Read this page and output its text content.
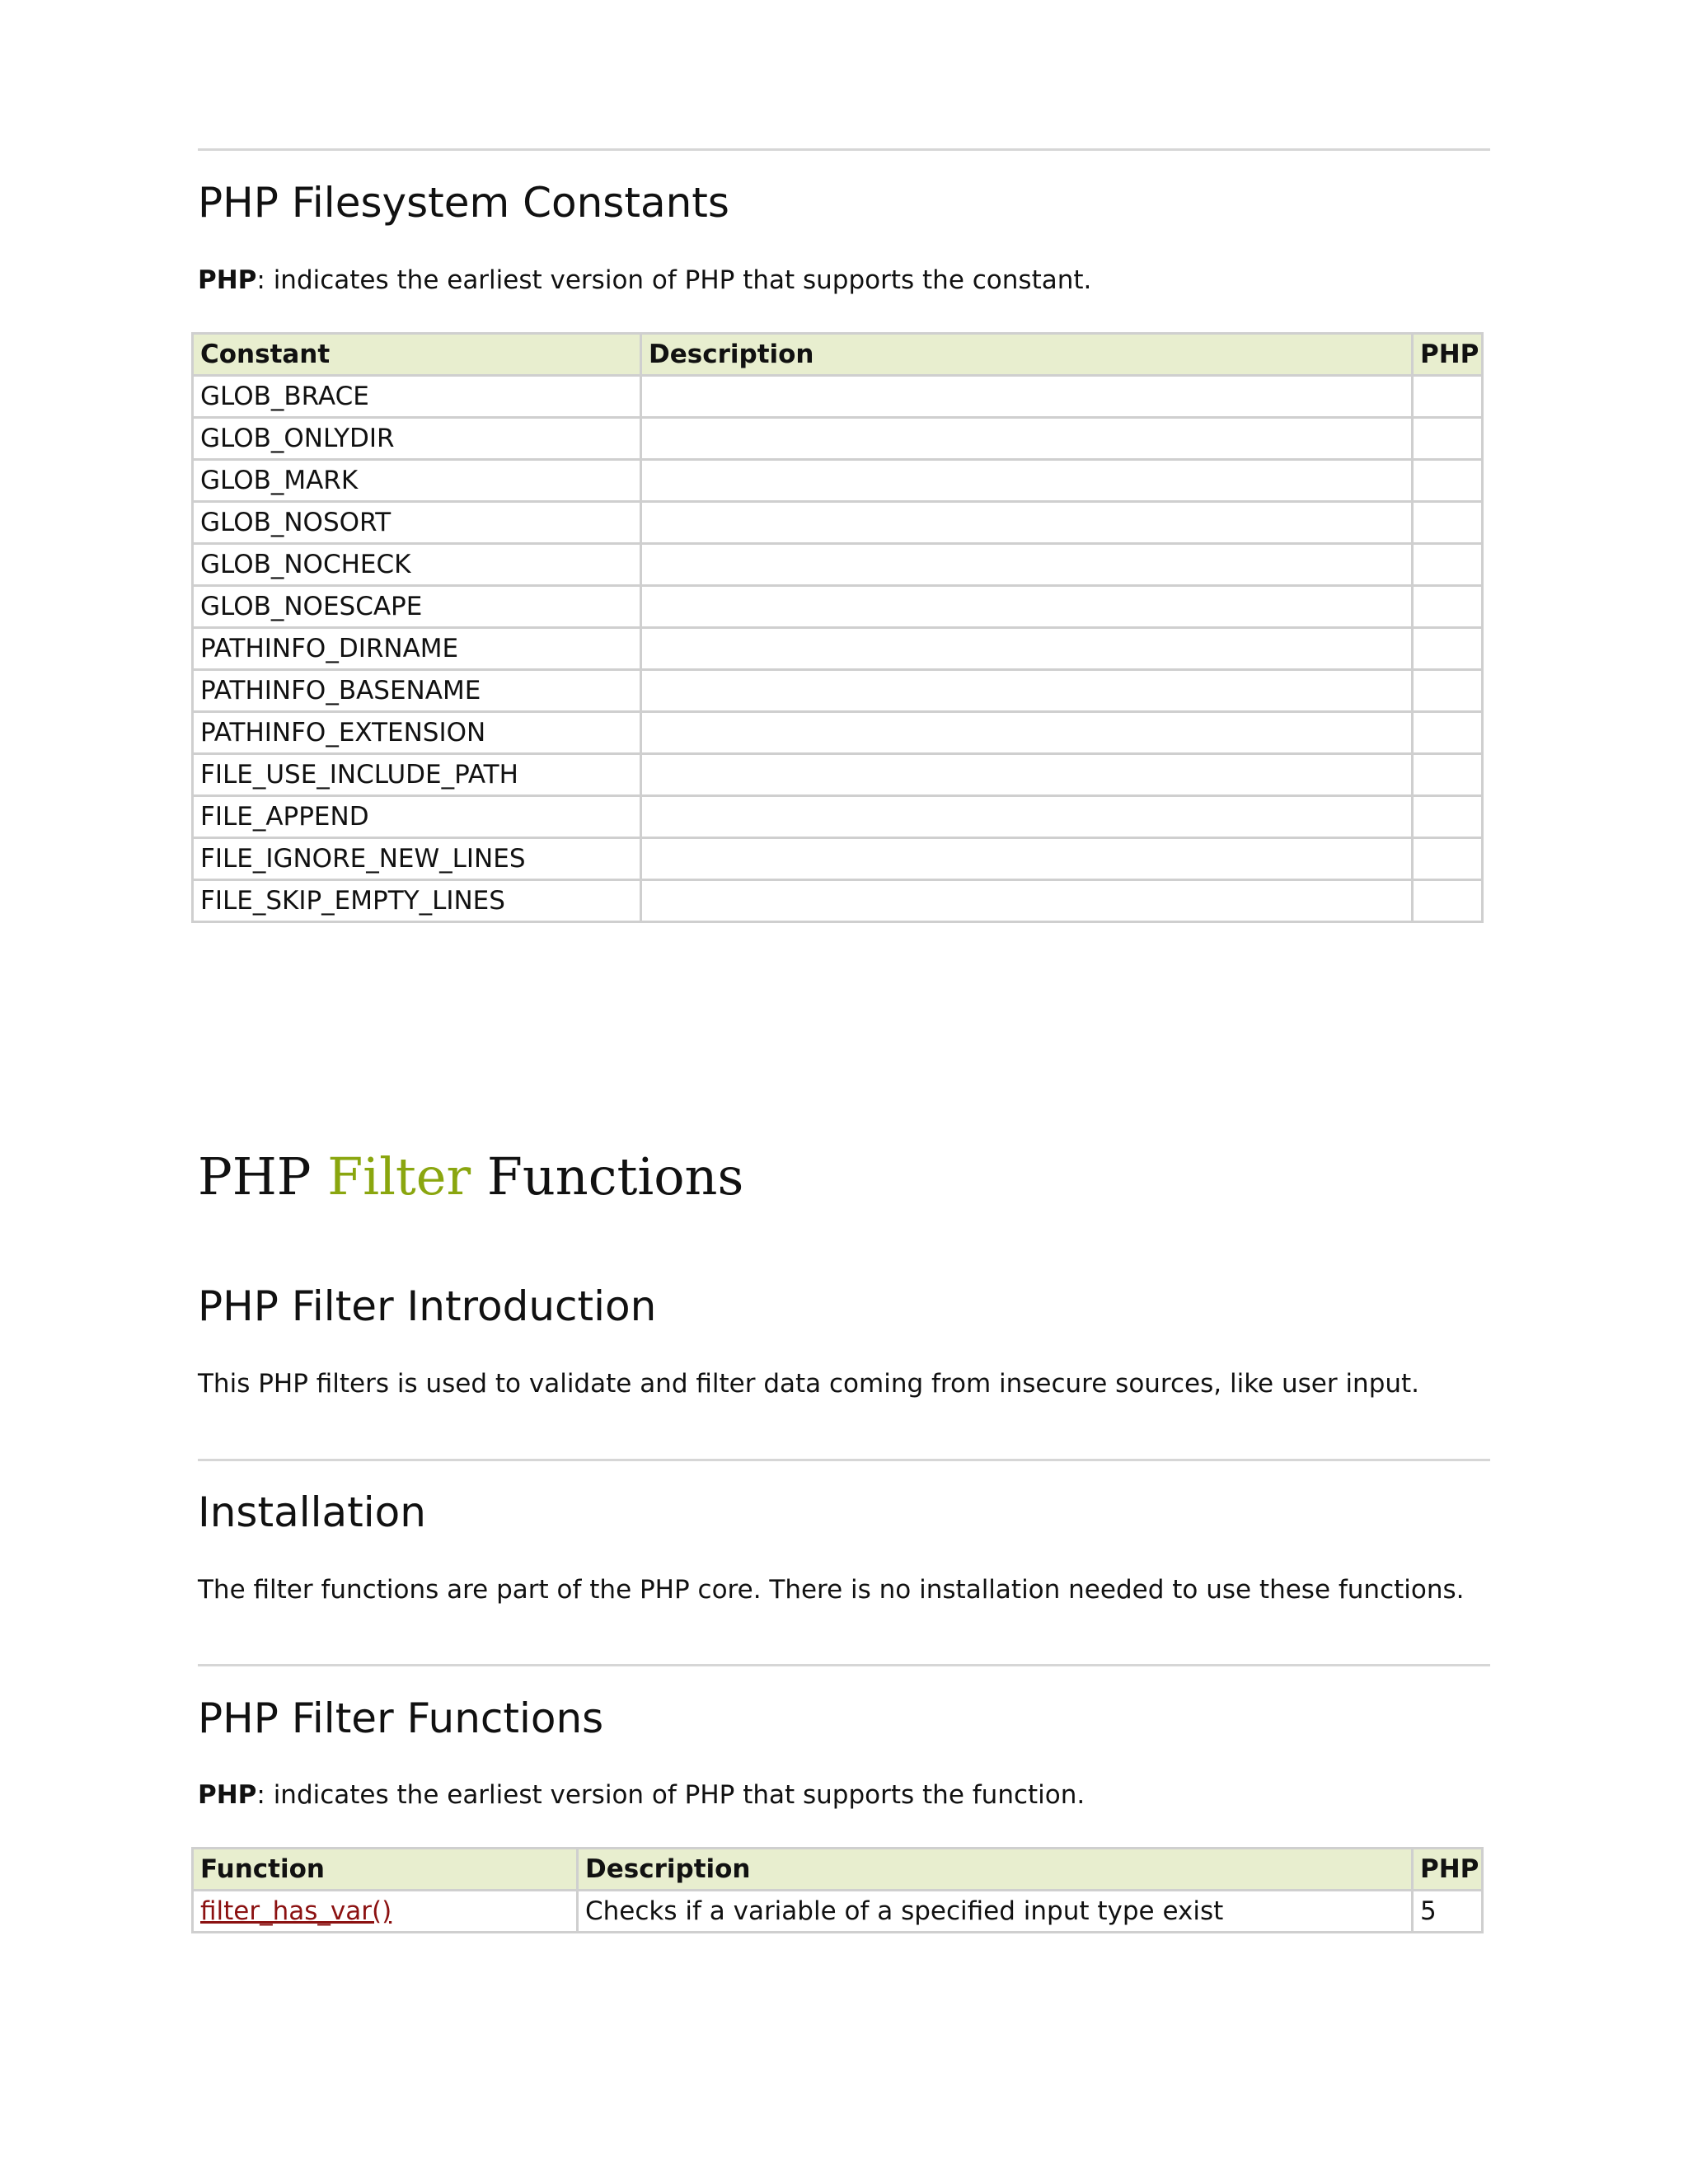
PHP Filesystem Constants

PHP: indicates the earliest version of PHP that supports the constant.

Constant	Description	PHP
GLOB_BRACE		
GLOB_ONLYDIR		
GLOB_MARK		
GLOB_NOSORT		
GLOB_NOCHECK		
GLOB_NOESCAPE		
PATHINFO_DIRNAME		
PATHINFO_BASENAME		
PATHINFO_EXTENSION		
FILE_USE_INCLUDE_PATH		
FILE_APPEND		
FILE_IGNORE_NEW_LINES		
FILE_SKIP_EMPTY_LINES		
PHP Filter Functions
PHP Filter Introduction

This PHP filters is used to validate and filter data coming from insecure sources, like user input.

Installation

The filter functions are part of the PHP core. There is no installation needed to use these functions.

PHP Filter Functions

PHP: indicates the earliest version of PHP that supports the function.

Function	Description	PHP
filter_has_var()	Checks if a variable of a specified input type exist	5
